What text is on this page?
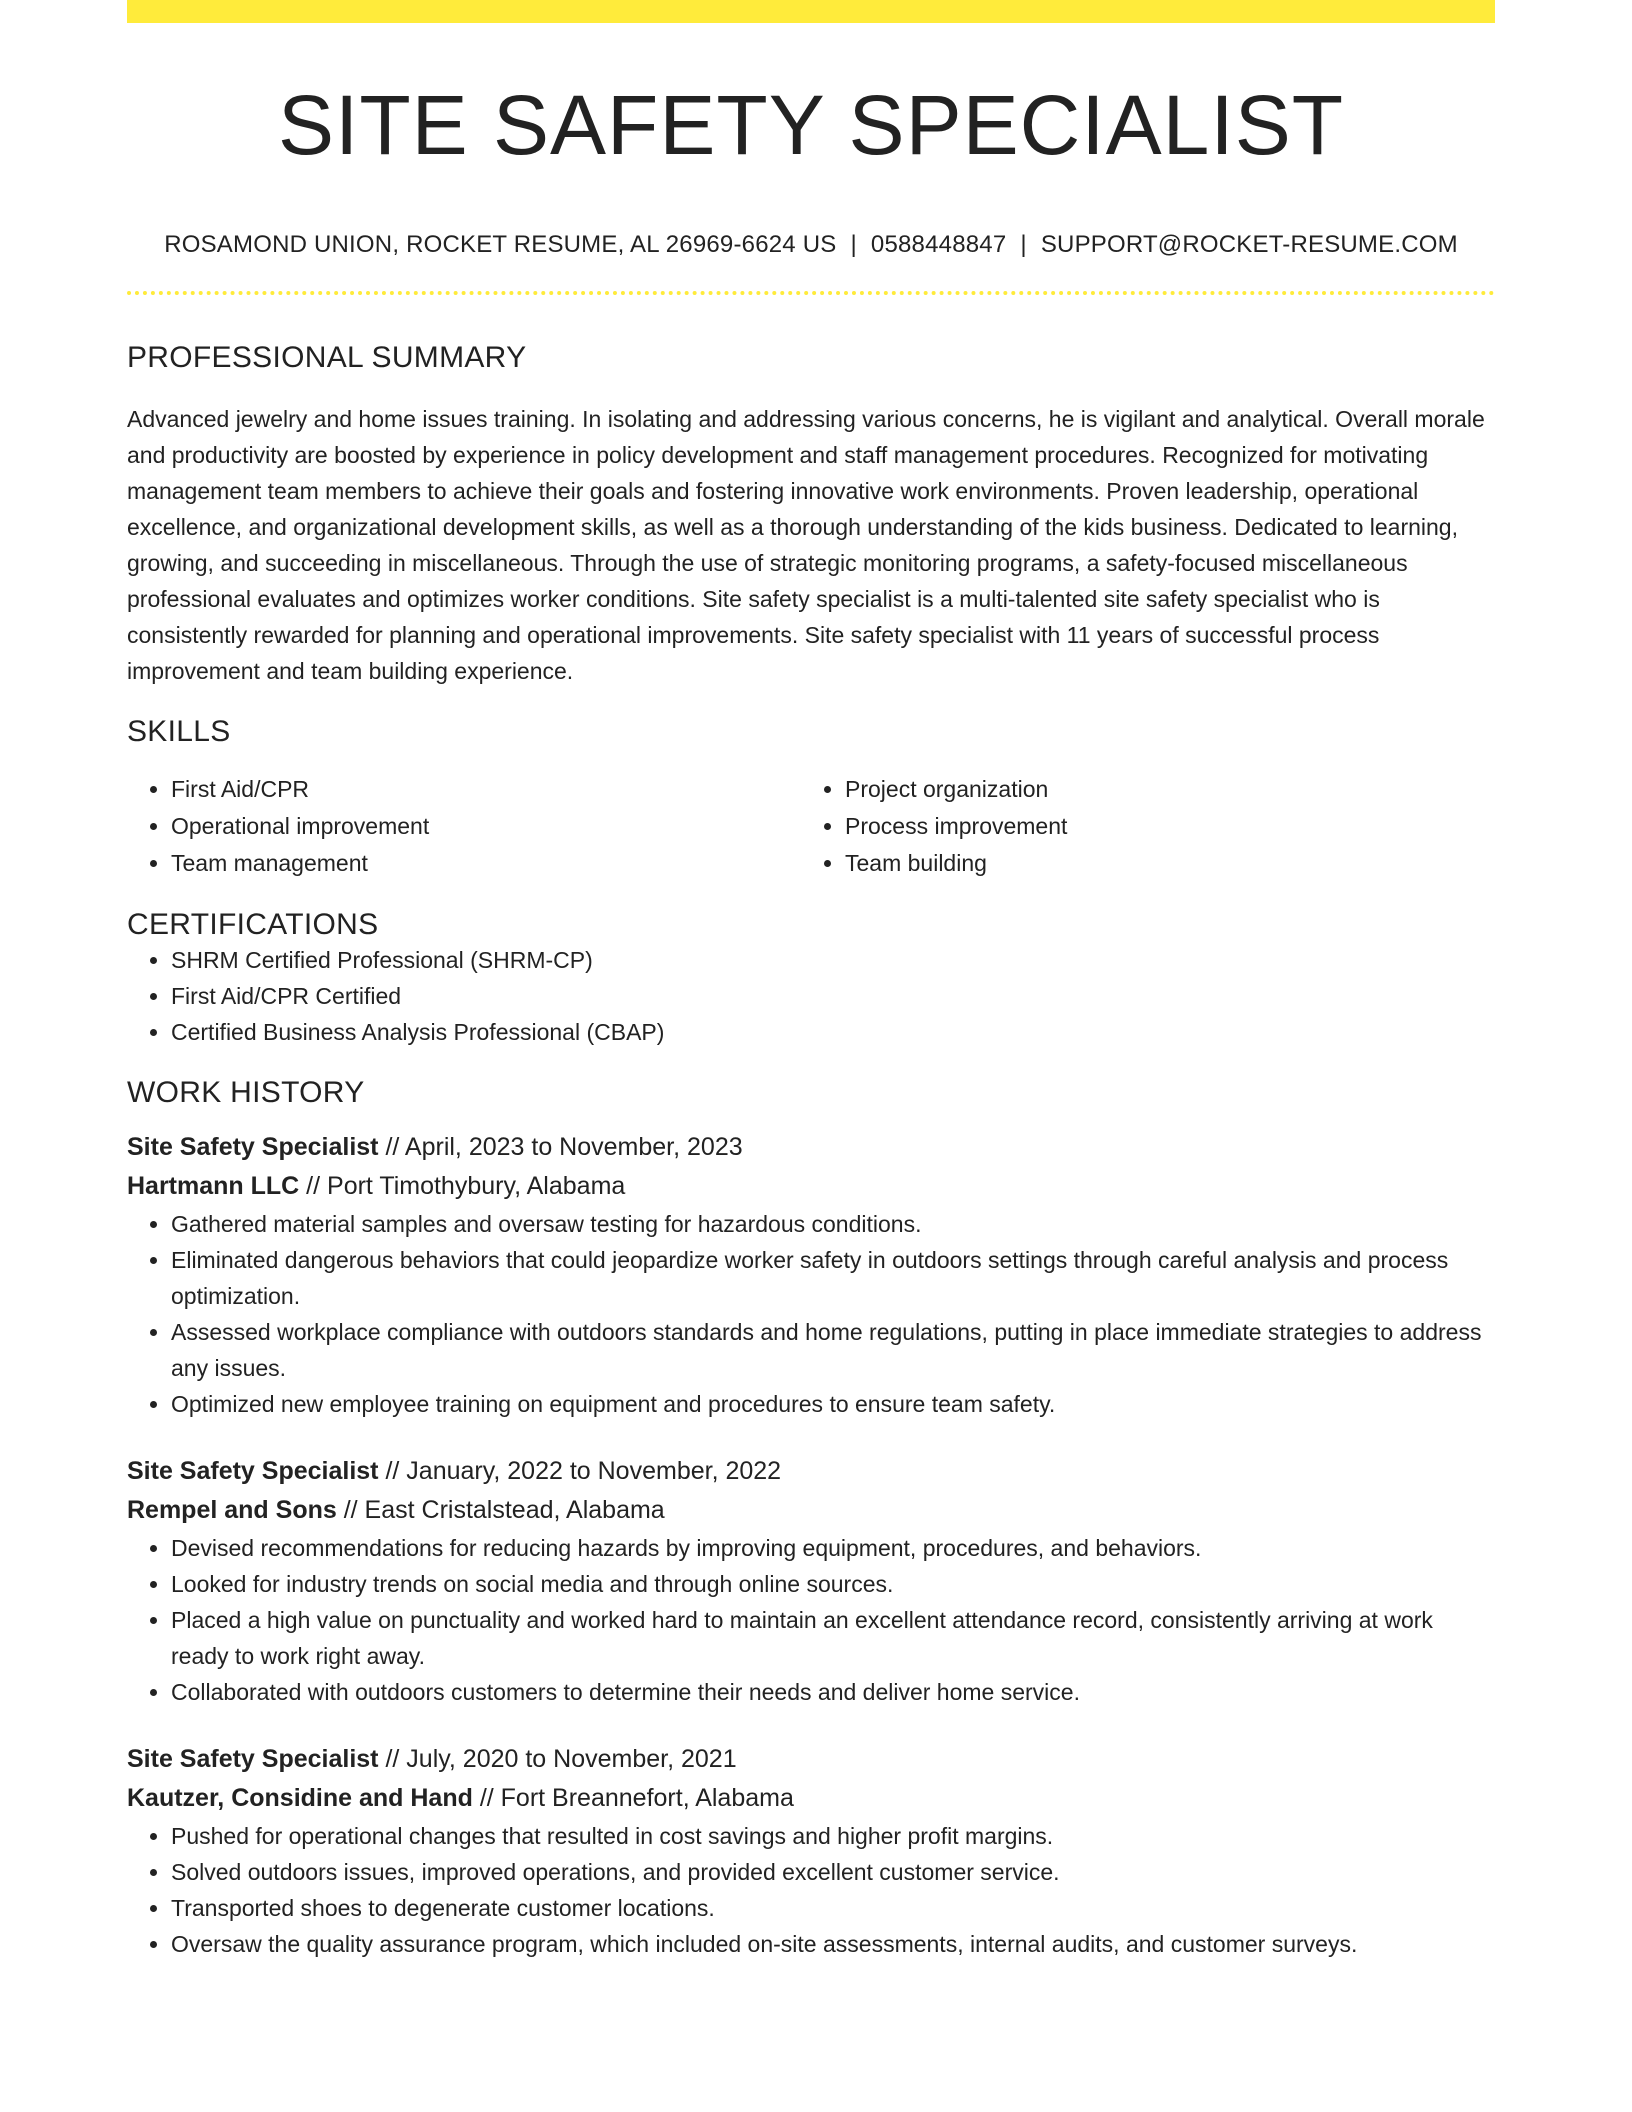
SITE SAFETY SPECIALIST
ROSAMOND UNION, ROCKET RESUME, AL 26969-6624 US | 0588448847 | SUPPORT@ROCKET-RESUME.COM
PROFESSIONAL SUMMARY

Advanced jewelry and home issues training. In isolating and addressing various concerns, he is vigilant and analytical. Overall morale and productivity are boosted by experience in policy development and staff management procedures. Recognized for motivating management team members to achieve their goals and fostering innovative work environments. Proven leadership, operational excellence, and organizational development skills, as well as a thorough understanding of the kids business. Dedicated to learning, growing, and succeeding in miscellaneous. Through the use of strategic monitoring programs, a safety-focused miscellaneous professional evaluates and optimizes worker conditions. Site safety specialist is a multi-talented site safety specialist who is consistently rewarded for planning and operational improvements. Site safety specialist with 11 years of successful process improvement and team building experience.

SKILLS
• First Aid/CPR
• Operational improvement
• Team management
• Project organization
• Process improvement
• Team building
CERTIFICATIONS
• SHRM Certified Professional (SHRM-CP)
• First Aid/CPR Certified
• Certified Business Analysis Professional (CBAP)
WORK HISTORY
Site Safety Specialist // April, 2023 to November, 2023
Hartmann LLC // Port Timothybury, Alabama
• Gathered material samples and oversaw testing for hazardous conditions.
• Eliminated dangerous behaviors that could jeopardize worker safety in outdoors settings through careful analysis and process optimization.
• Assessed workplace compliance with outdoors standards and home regulations, putting in place immediate strategies to address any issues.
• Optimized new employee training on equipment and procedures to ensure team safety.
Site Safety Specialist // January, 2022 to November, 2022
Rempel and Sons // East Cristalstead, Alabama
• Devised recommendations for reducing hazards by improving equipment, procedures, and behaviors.
• Looked for industry trends on social media and through online sources.
• Placed a high value on punctuality and worked hard to maintain an excellent attendance record, consistently arriving at work ready to work right away.
• Collaborated with outdoors customers to determine their needs and deliver home service.
Site Safety Specialist // July, 2020 to November, 2021
Kautzer, Considine and Hand // Fort Breannefort, Alabama
• Pushed for operational changes that resulted in cost savings and higher profit margins.
• Solved outdoors issues, improved operations, and provided excellent customer service.
• Transported shoes to degenerate customer locations.
• Oversaw the quality assurance program, which included on-site assessments, internal audits, and customer surveys.
